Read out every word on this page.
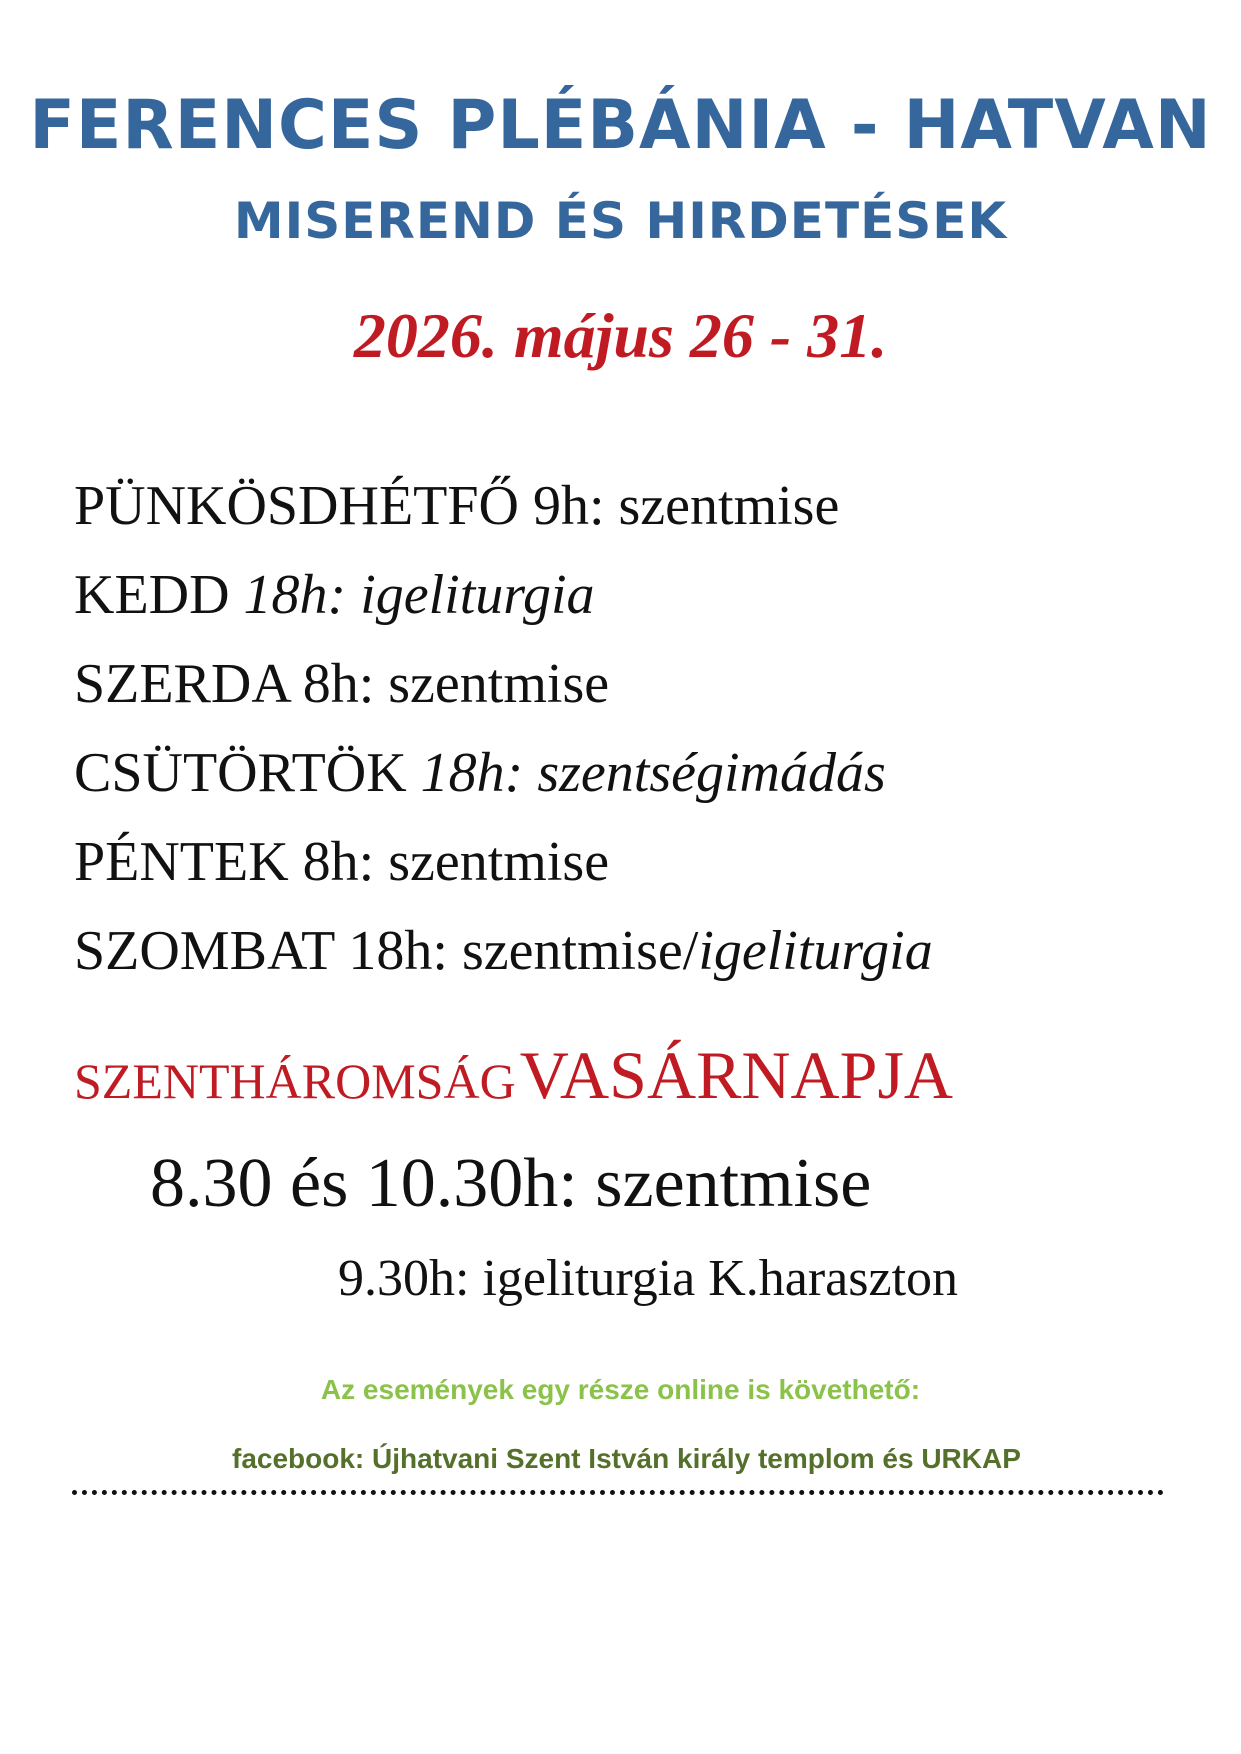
FERENCES PLÉBÁNIA - HATVAN
MISEREND ÉS HIRDETÉSEK
2026. május 26 - 31.
PÜNKÖSDHÉTFŐ 9h: szentmise
KEDD 18h: igeliturgia
SZERDA 8h: szentmise
CSÜTÖRTÖK 18h: szentségimádás
PÉNTEK 8h: szentmise
SZOMBAT 18h: szentmise/igeliturgia
SZENTHÁROMSÁG VASÁRNAPJA
8.30 és 10.30h: szentmise
9.30h: igeliturgia K.haraszton
Az események egy része online is követhető:
facebook: Újhatvani Szent István király templom és URKAP
